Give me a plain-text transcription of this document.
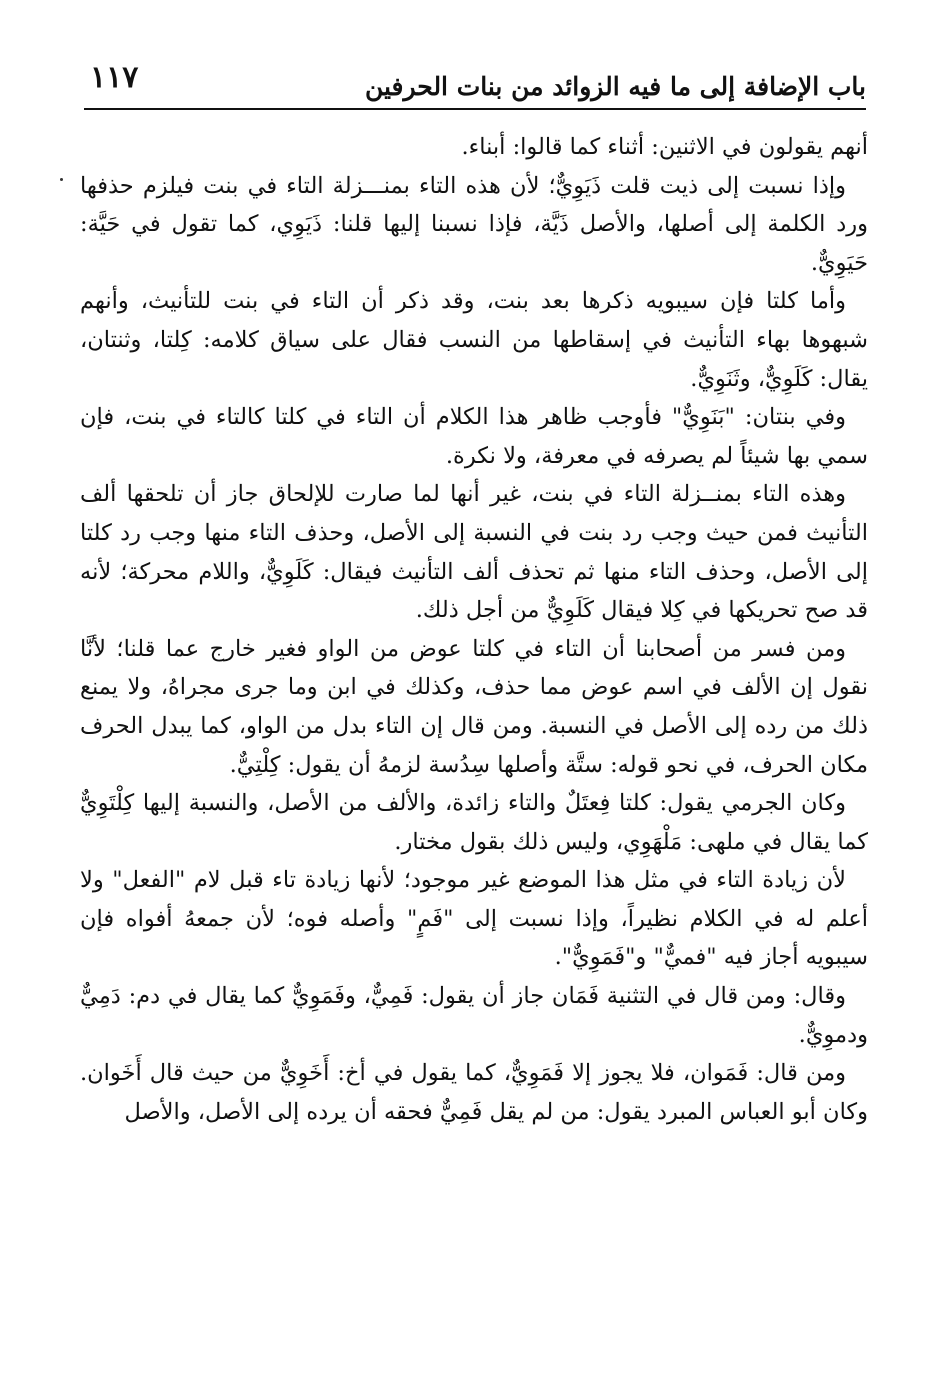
باب الإضافة إلى ما فيه الزوائد من بنات الحرفين
١١٧

أنهم يقولون في الاثنين: أثناء كما قالوا: أبناء.

وإذا نسبت إلى ذيت قلت ذَيَوِيٌّ؛ لأن هذه التاء بمنـــزلة التاء في بنت فيلزم حذفها ورد الكلمة إلى أصلها، والأصل ذَيَّة، فإذا نسبنا إليها قلنا: ذَيَوِي، كما تقول في حَيَّة: حَيَوِيٌّ.

وأما كلتا فإن سيبويه ذكرها بعد بنت، وقد ذكر أن التاء في بنت للتأنيث، وأنهم شبهوها بهاء التأنيث في إسقاطها من النسب فقال على سياق كلامه: كِلتا، وثنتان، يقال: كَلَوِيٌّ، وثَنَوِيٌّ.

وفي بنتان: "بَنَوِيٌّ" فأوجب ظاهر هذا الكلام أن التاء في كلتا كالتاء في بنت، فإن سمي بها شيئاً لم يصرفه في معرفة، ولا نكرة.

وهذه التاء بمنــزلة التاء في بنت، غير أنها لما صارت للإلحاق جاز أن تلحقها ألف التأنيث فمن حيث وجب رد بنت في النسبة إلى الأصل، وحذف التاء منها وجب رد كلتا إلى الأصل، وحذف التاء منها ثم تحذف ألف التأنيث فيقال: كَلَوِيٌّ، واللام محركة؛ لأنه قد صح تحريكها في كِلا فيقال كَلَوِيٌّ من أجل ذلك.

ومن فسر من أصحابنا أن التاء في كلتا عوض من الواو فغير خارج عما قلنا؛ لأنَّا نقول إن الألف في اسم عوض مما حذف، وكذلك في ابن وما جرى مجراهُ، ولا يمنع ذلك من رده إلى الأصل في النسبة. ومن قال إن التاء بدل من الواو، كما يبدل الحرف مكان الحرف، في نحو قوله: ستَّة وأصلها سِدُسة لزمهُ أن يقول: كِلْتِيٌّ.

وكان الجرمي يقول: كلتا فِعتَلٌ والتاء زائدة، والألف من الأصل، والنسبة إليها كِلْتَوِيٌّ كما يقال في ملهى: مَلْهَوِي، وليس ذلك بقول مختار.

لأن زيادة التاء في مثل هذا الموضع غير موجود؛ لأنها زيادة تاء قبل لام "الفعل" ولا أعلم له في الكلام نظيراً، وإذا نسبت إلى "فَمٍ" وأصله فوه؛ لأن جمعهُ أفواه فإن سيبويه أجاز فيه "فميٌّ" و"فَمَوِيٌّ".

وقال: ومن قال في التثنية فَمَان جاز أن يقول: فَمِيٌّ، وفَمَوِيٌّ كما يقال في دم: دَمِيٌّ ودموِيٌّ.

ومن قال: فَمَوان، فلا يجوز إلا فَمَوِيٌّ، كما يقول في أخ: أَخَوِيٌّ من حيث قال أَخَوان. وكان أبو العباس المبرد يقول: من لم يقل فَمِيٌّ فحقه أن يرده إلى الأصل، والأصل
